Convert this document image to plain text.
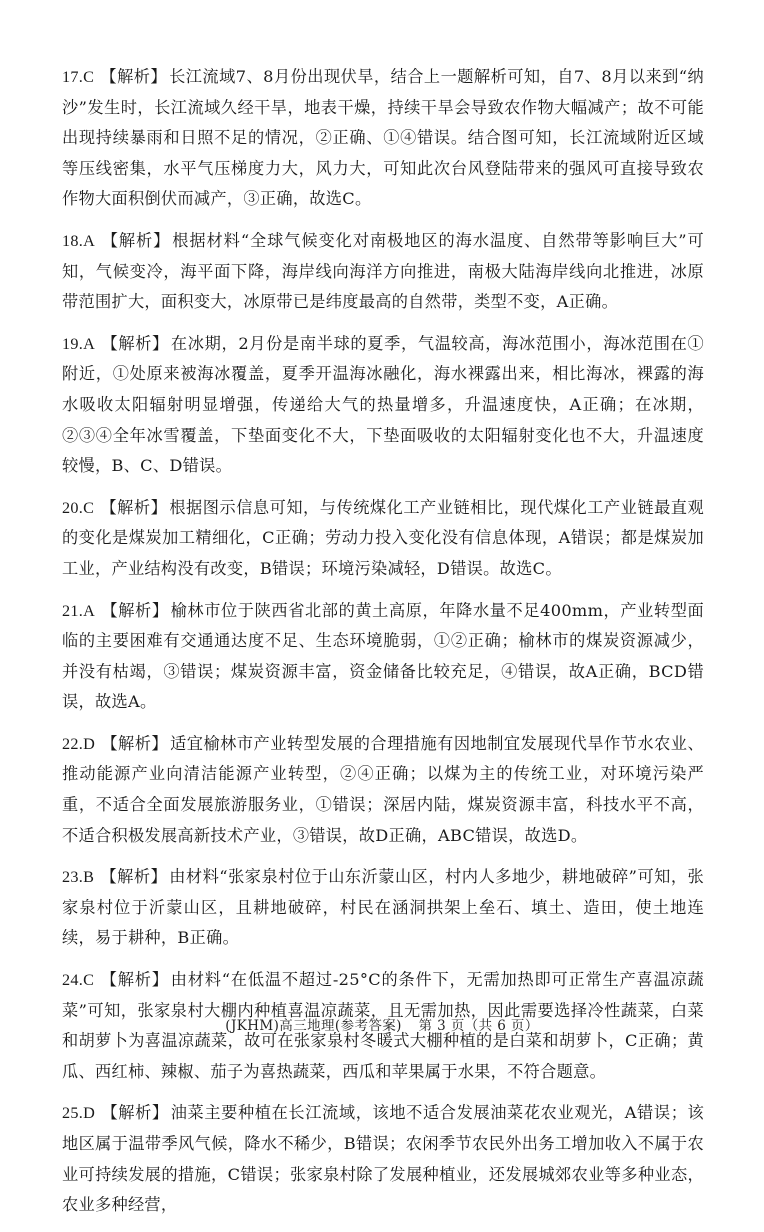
17.C 【解析】 长江流域7、8月份出现伏旱，结合上一题解析可知，自7、8月以来到“纳沙”发生时，长江流域久经干旱，地表干燥，持续干旱会导致农作物大幅减产；故不可能出现持续暴雨和日照不足的情况，②正确、①④错误。结合图可知，长江流域附近区域等压线密集，水平气压梯度力大，风力大，可知此次台风登陆带来的强风可直接导致农作物大面积倒伏而减产，③正确，故选C。

18.A 【解析】 根据材料“全球气候变化对南极地区的海水温度、自然带等影响巨大”可知，气候变冷，海平面下降，海岸线向海洋方向推进，南极大陆海岸线向北推进，冰原带范围扩大，面积变大，冰原带已是纬度最高的自然带，类型不变，A正确。

19.A 【解析】 在冰期，2月份是南半球的夏季，气温较高，海冰范围小，海冰范围在①附近，①处原来被海冰覆盖，夏季开温海冰融化，海水裸露出来，相比海冰，裸露的海水吸收太阳辐射明显增强，传递给大气的热量增多，升温速度快，A正确；在冰期，②③④全年冰雪覆盖，下垫面变化不大，下垫面吸收的太阳辐射变化也不大，升温速度较慢，B、C、D错误。

20.C 【解析】 根据图示信息可知，与传统煤化工产业链相比，现代煤化工产业链最直观的变化是煤炭加工精细化，C正确；劳动力投入变化没有信息体现，A错误；都是煤炭加工业，产业结构没有改变，B错误；环境污染减轻，D错误。故选C。

21.A 【解析】 榆林市位于陕西省北部的黄土高原，年降水量不足400mm，产业转型面临的主要困难有交通通达度不足、生态环境脆弱，①②正确；榆林市的煤炭资源减少，并没有枯竭，③错误；煤炭资源丰富，资金储备比较充足，④错误，故A正确，BCD错误，故选A。

22.D 【解析】 适宜榆林市产业转型发展的合理措施有因地制宜发展现代旱作节水农业、推动能源产业向清洁能源产业转型，②④正确；以煤为主的传统工业，对环境污染严重，不适合全面发展旅游服务业，①错误；深居内陆，煤炭资源丰富，科技水平不高，不适合积极发展高新技术产业，③错误，故D正确，ABC错误，故选D。

23.B 【解析】 由材料“张家泉村位于山东沂蒙山区，村内人多地少，耕地破碎”可知，张家泉村位于沂蒙山区，且耕地破碎，村民在涵洞拱架上垒石、填土、造田，使土地连续，易于耕种，B正确。

24.C 【解析】 由材料“在低温不超过-25°C的条件下，无需加热即可正常生产喜温凉蔬菜”可知，张家泉村大棚内种植喜温凉蔬菜，且无需加热，因此需要选择冷性蔬菜，白菜和胡萝卜为喜温凉蔬菜，故可在张家泉村冬暖式大棚种植的是白菜和胡萝卜，C正确；黄瓜、西红柿、辣椒、茄子为喜热蔬菜，西瓜和苹果属于水果，不符合题意。

25.D 【解析】 油菜主要种植在长江流域，该地不适合发展油菜花农业观光，A错误；该地区属于温带季风气候，降水不稀少，B错误；农闲季节农民外出务工增加收入不属于农业可持续发展的措施，C错误；张家泉村除了发展种植业，还发展城郊农业等多种业态，农业多种经营，

(JKHM)高三地理(参考答案) 第 3 页（共 6 页）
